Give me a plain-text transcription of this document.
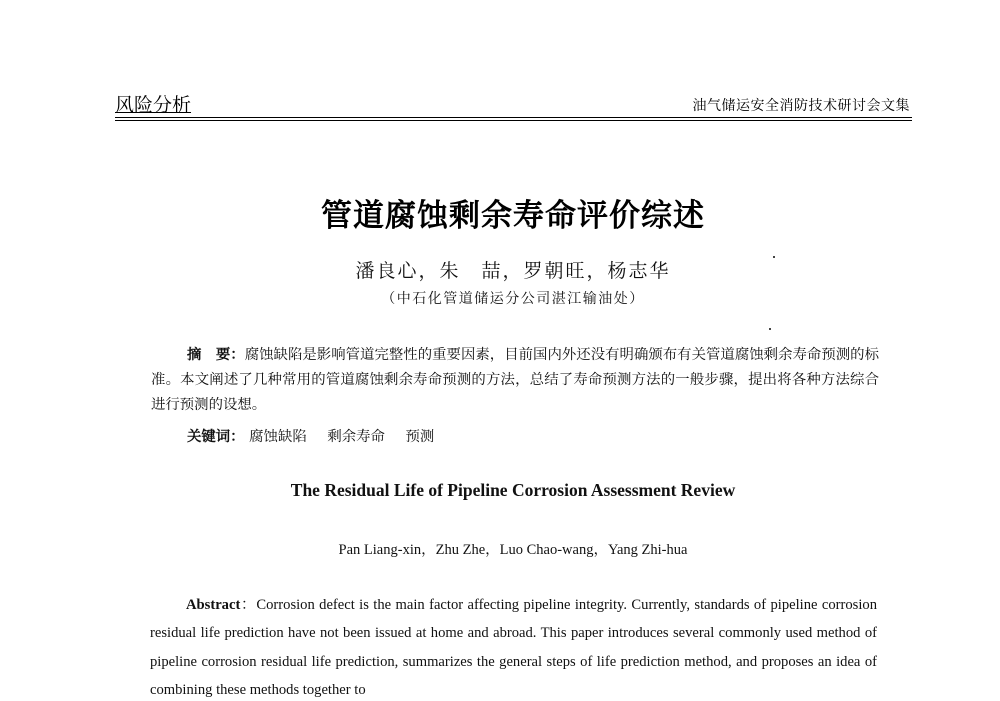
风险分析	油气储运安全消防技术研讨会文集
管道腐蚀剩余寿命评价综述
潘良心，朱　喆，罗朝旺，杨志华
（中石化管道储运分公司湛江输油处）

摘　要：腐蚀缺陷是影响管道完整性的重要因素，目前国内外还没有明确颁布有关管道腐蚀剩余寿命预测的标准。本文阐述了几种常用的管道腐蚀剩余寿命预测的方法，总结了寿命预测方法的一般步骤，提出将各种方法综合进行预测的设想。

关键词： 腐蚀缺陷 剩余寿命 预测
The Residual Life of Pipeline Corrosion Assessment Review
Pan Liang-xin，Zhu Zhe，Luo Chao-wang，Yang Zhi-hua

Abstract：Corrosion defect is the main factor affecting pipeline integrity. Currently, standards of pipeline corrosion residual life prediction have not been issued at home and abroad. This paper introduces several commonly used method of pipeline corrosion residual life prediction, summarizes the general steps of life prediction method, and proposes an idea of combining these methods together to
